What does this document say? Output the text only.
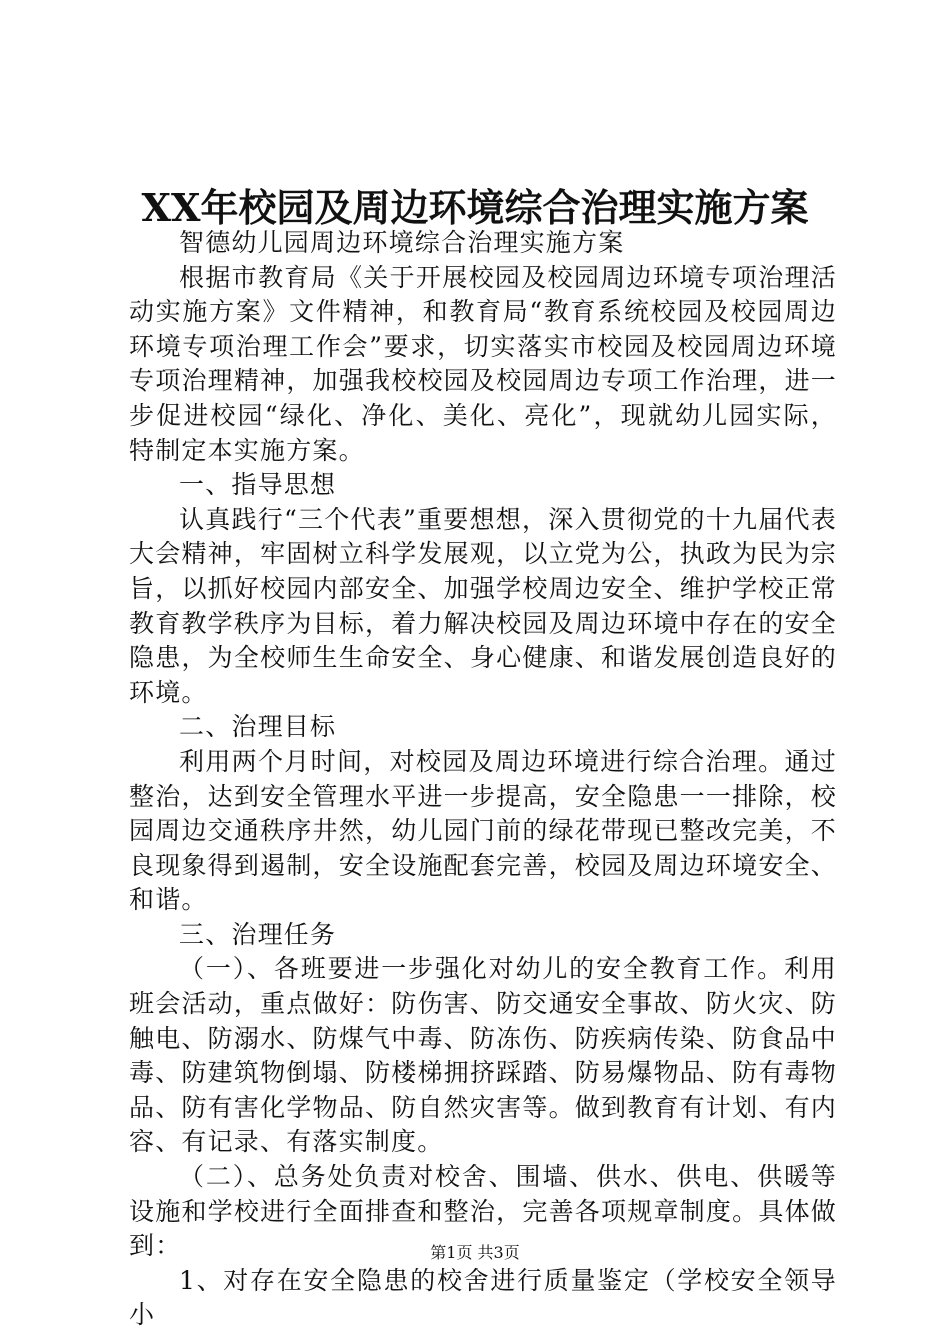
XX年校园及周边环境综合治理实施方案

智德幼儿园周边环境综合治理实施方案

根据市教育局《关于开展校园及校园周边环境专项治理活动实施方案》文件精神，和教育局“教育系统校园及校园周边环境专项治理工作会”要求，切实落实市校园及校园周边环境专项治理精神，加强我校校园及校园周边专项工作治理，进一步促进校园“绿化、净化、美化、亮化”，现就幼儿园实际，特制定本实施方案。

一、指导思想

认真践行“三个代表”重要想想，深入贯彻党的十九届代表大会精神，牢固树立科学发展观，以立党为公，执政为民为宗旨，以抓好校园内部安全、加强学校周边安全、维护学校正常教育教学秩序为目标，着力解决校园及周边环境中存在的安全隐患，为全校师生生命安全、身心健康、和谐发展创造良好的环境。

二、治理目标

利用两个月时间，对校园及周边环境进行综合治理。通过整治，达到安全管理水平进一步提高，安全隐患一一排除，校园周边交通秩序井然，幼儿园门前的绿花带现已整改完美，不良现象得到遏制，安全设施配套完善，校园及周边环境安全、和谐。

三、治理任务

（一）、各班要进一步强化对幼儿的安全教育工作。利用班会活动，重点做好：防伤害、防交通安全事故、防火灾、防触电、防溺水、防煤气中毒、防冻伤、防疾病传染、防食品中毒、防建筑物倒塌、防楼梯拥挤踩踏、防易爆物品、防有毒物品、防有害化学物品、防自然灾害等。做到教育有计划、有内容、有记录、有落实制度。

（二）、总务处负责对校舍、围墙、供水、供电、供暖等设施和学校进行全面排查和整治，完善各项规章制度。具体做到：

1、对存在安全隐患的校舍进行质量鉴定（学校安全领导小

第1页 共3页
